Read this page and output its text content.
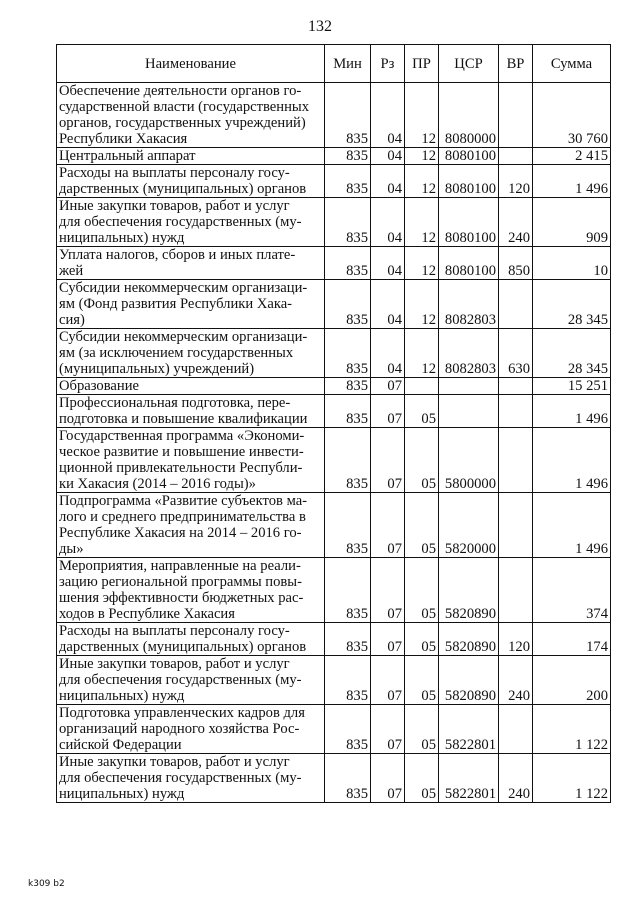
132
Наименование	Мин	Рз	ПР	ЦСР	ВР	Сумма
Обеспечение деятельности органов го-
сударственной власти (государственных
органов, государственных учреждений)
Республики Хакасия	835	04	12	8080000		30 760
Центральный аппарат	835	04	12	8080100		2 415
Расходы на выплаты персоналу госу-
дарственных (муниципальных) органов	835	04	12	8080100	120	1 496
Иные закупки товаров, работ и услуг
для обеспечения государственных (му-
ниципальных) нужд	835	04	12	8080100	240	909
Уплата налогов, сборов и иных плате-
жей	835	04	12	8080100	850	10
Субсидии некоммерческим организаци-
ям (Фонд развития Республики Хака-
сия)	835	04	12	8082803		28 345
Субсидии некоммерческим организаци-
ям (за исключением государственных
(муниципальных) учреждений)	835	04	12	8082803	630	28 345
Образование	835	07				15 251
Профессиональная подготовка, пере-
подготовка и повышение квалификации	835	07	05			1 496
Государственная программа «Экономи-
ческое развитие и повышение инвести-
ционной привлекательности Республи-
ки Хакасия (2014 – 2016 годы)»	835	07	05	5800000		1 496
Подпрограмма «Развитие субъектов ма-
лого и среднего предпринимательства в
Республике Хакасия на 2014 – 2016 го-
ды»	835	07	05	5820000		1 496
Мероприятия, направленные на реали-
зацию региональной программы повы-
шения эффективности бюджетных рас-
ходов в Республике Хакасия	835	07	05	5820890		374
Расходы на выплаты персоналу госу-
дарственных (муниципальных) органов	835	07	05	5820890	120	174
Иные закупки товаров, работ и услуг
для обеспечения государственных (му-
ниципальных) нужд	835	07	05	5820890	240	200
Подготовка управленческих кадров для
организаций народного хозяйства Рос-
сийской Федерации	835	07	05	5822801		1 122
Иные закупки товаров, работ и услуг
для обеспечения государственных (му-
ниципальных) нужд	835	07	05	5822801	240	1 122
k309 b2
